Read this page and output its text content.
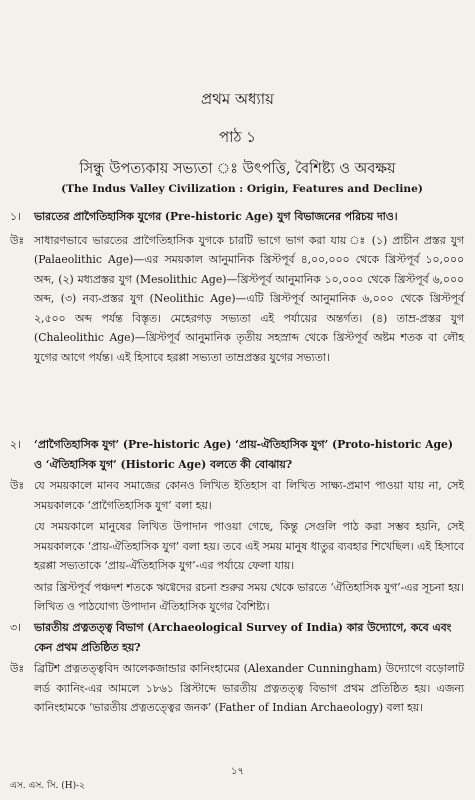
প্রথম অধ্যায়
পাঠ ১
সিন্ধু উপত্যকায় সভ্যতা ঃ উৎপত্তি, বৈশিষ্ট্য ও অবক্ষয়
(The Indus Valley Civilization : Origin, Features and Decline)
১। ভারতের প্রাগৈতিহাসিক যুগের (Pre-historic Age) যুগ বিভাজনের পরিচয় দাও।
উঃ সাধারণভাবে ভারতের প্রাগৈতিহাসিক যুগকে চারটি ভাগে ভাগ করা যায় ঃ (১) প্রাচীন প্রস্তর যুগ (Palaeolithic Age)—এর সময়কাল আনুমানিক খ্রিস্টপূর্ব ৪,০০,০০০ থেকে খ্রিস্টপূর্ব ১০,০০০ অব্দ, (২) মধ্যপ্রস্তর যুগ (Mesolithic Age)—খ্রিস্টপূর্ব আনুমানিক ১০,০০০ থেকে খ্রিস্টপূর্ব ৬,০০০ অব্দ, (৩) নব্য-প্রস্তর যুগ (Neolithic Age)—এটি খ্রিস্টপূর্ব আনুমানিক ৬,০০০ থেকে খ্রিস্টপূর্ব ২,৫০০ অব্দ পর্যন্ত বিস্তৃত। মেহেরগড় সভ্যতা এই পর্যায়ের অন্তর্গত। (৪) তাম্র-প্রস্তর যুগ (Chaleolithic Age)—খ্রিস্টপূর্ব আনুমানিক তৃতীয় সহস্রাব্দ থেকে খ্রিস্টপূর্ব অষ্টম শতক বা লৌহ যুগের আগে পর্যন্ত। এই হিসাবে হরপ্পা সভ্যতা তাম্রপ্রস্তর যুগের সভ্যতা।

২। ‘প্রাগৈতিহাসিক যুগ’ (Pre-historic Age) ‘প্রায়-ঐতিহাসিক যুগ’ (Proto-historic Age) ও ‘ঐতিহাসিক যুগ’ (Historic Age) বলতে কী বোঝায়?
উঃ যে সময়কালে মানব সমাজের কোনও লিখিত ইতিহাস বা লিখিত সাক্ষ্য-প্রমাণ পাওয়া যায় না, সেই সময়কালকে ‘প্রাগৈতিহাসিক যুগ’ বলা হয়।

যে সময়কালে মানুষের লিখিত উপাদান পাওয়া গেছে, কিন্তু সেগুলি পাঠ করা সম্ভব হয়নি, সেই সময়কালকে ‘প্রায়-ঐতিহাসিক যুগ’ বলা হয়। তবে এই সময় মানুষ ধাতুর ব্যবহার শিখেছিল। এই হিসাবে হরপ্পা সভ্যতাকে ‘প্রায়-ঐতিহাসিক যুগ’-এর পর্যায়ে ফেলা যায়।

আর খ্রিস্টপূর্ব পঞ্চদশ শতকে ঋগ্বেদের রচনা শুরুর সময় থেকে ভারতে ‘ঐতিহাসিক যুগ’-এর সূচনা হয়। লিখিত ও পাঠযোগ্য উপাদান ঐতিহাসিক যুগের বৈশিষ্ট্য।

৩। ভারতীয় প্রত্নতত্ত্ব বিভাগ (Archaeological Survey of India) কার উদ্যোগে, কবে এবং কেন প্রথম প্রতিষ্ঠিত হয়?
উঃ ব্রিটিশ প্রত্নতত্ত্ববিদ আলেকজান্ডার কানিংহামের (Alexander Cunningham) উদ্যোগে বড়োলাট লর্ড ক্যানিং-এর আমলে ১৮৬১ খ্রিস্টাব্দে ভারতীয় প্রত্নতত্ত্ব বিভাগ প্রথম প্রতিষ্ঠিত হয়। এজন্য কানিংহামকে ‘ভারতীয় প্রত্নতত্ত্বের জনক’ (Father of Indian Archaeology) বলা হয়।

১৭
এস. এস. সি. (H)-২
